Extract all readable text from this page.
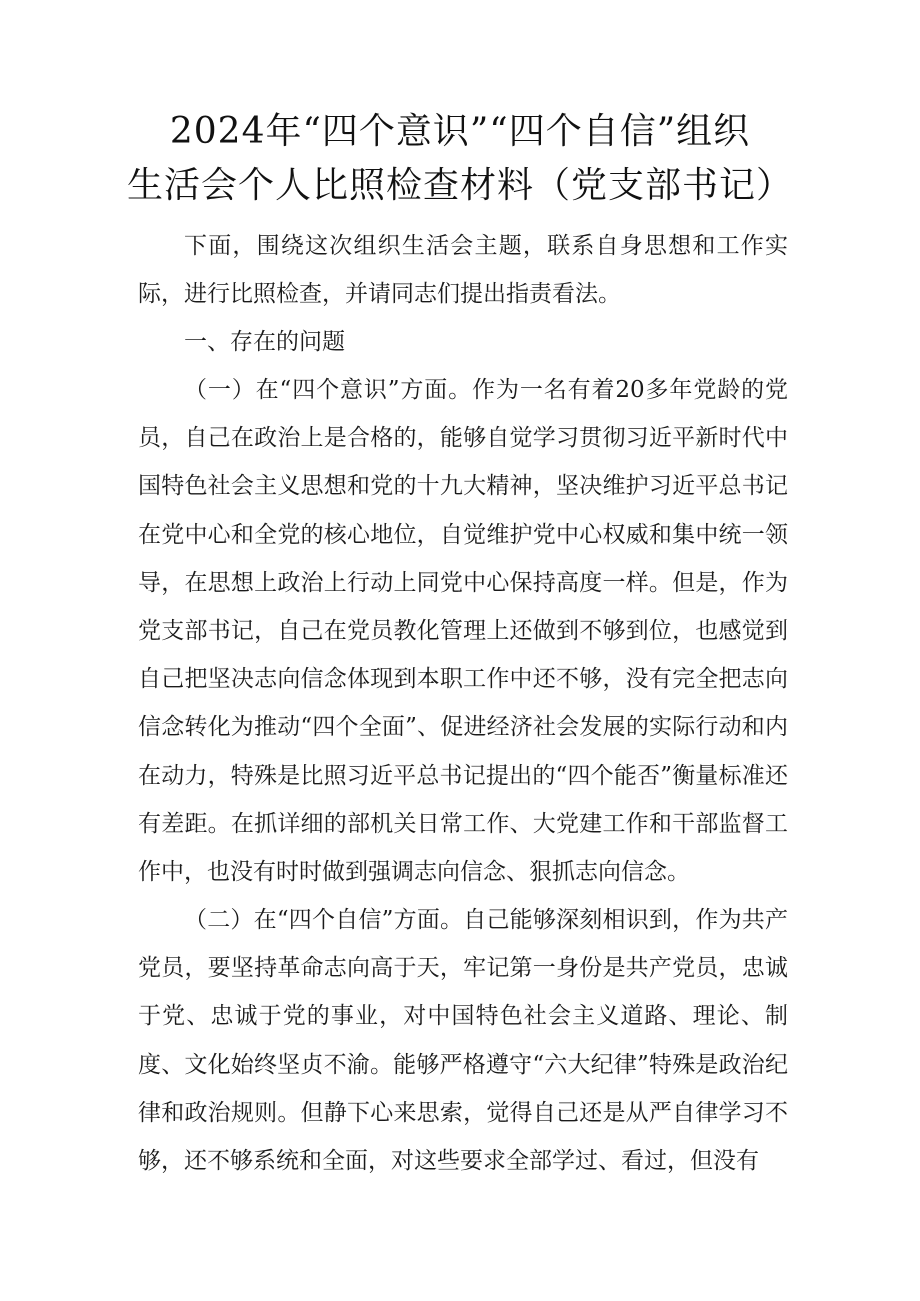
2024年“四个意识”“四个自信”组织
生活会个人比照检查材料（党支部书记）

下面，围绕这次组织生活会主题，联系自身思想和工作实际，进行比照检查，并请同志们提出指责看法。

一、存在的问题

（一）在“四个意识”方面。作为一名有着20多年党龄的党员，自己在政治上是合格的，能够自觉学习贯彻习近平新时代中国特色社会主义思想和党的十九大精神，坚决维护习近平总书记在党中心和全党的核心地位，自觉维护党中心权威和集中统一领导，在思想上政治上行动上同党中心保持高度一样。但是，作为党支部书记，自己在党员教化管理上还做到不够到位，也感觉到自己把坚决志向信念体现到本职工作中还不够，没有完全把志向信念转化为推动“四个全面”、促进经济社会发展的实际行动和内在动力，特殊是比照习近平总书记提出的“四个能否”衡量标准还有差距。在抓详细的部机关日常工作、大党建工作和干部监督工作中，也没有时时做到强调志向信念、狠抓志向信念。

（二）在“四个自信”方面。自己能够深刻相识到，作为共产党员，要坚持革命志向高于天，牢记第一身份是共产党员，忠诚于党、忠诚于党的事业，对中国特色社会主义道路、理论、制度、文化始终坚贞不渝。能够严格遵守“六大纪律”特殊是政治纪律和政治规则。但静下心来思索，觉得自己还是从严自律学习不够，还不够系统和全面，对这些要求全部学过、看过，但没有
